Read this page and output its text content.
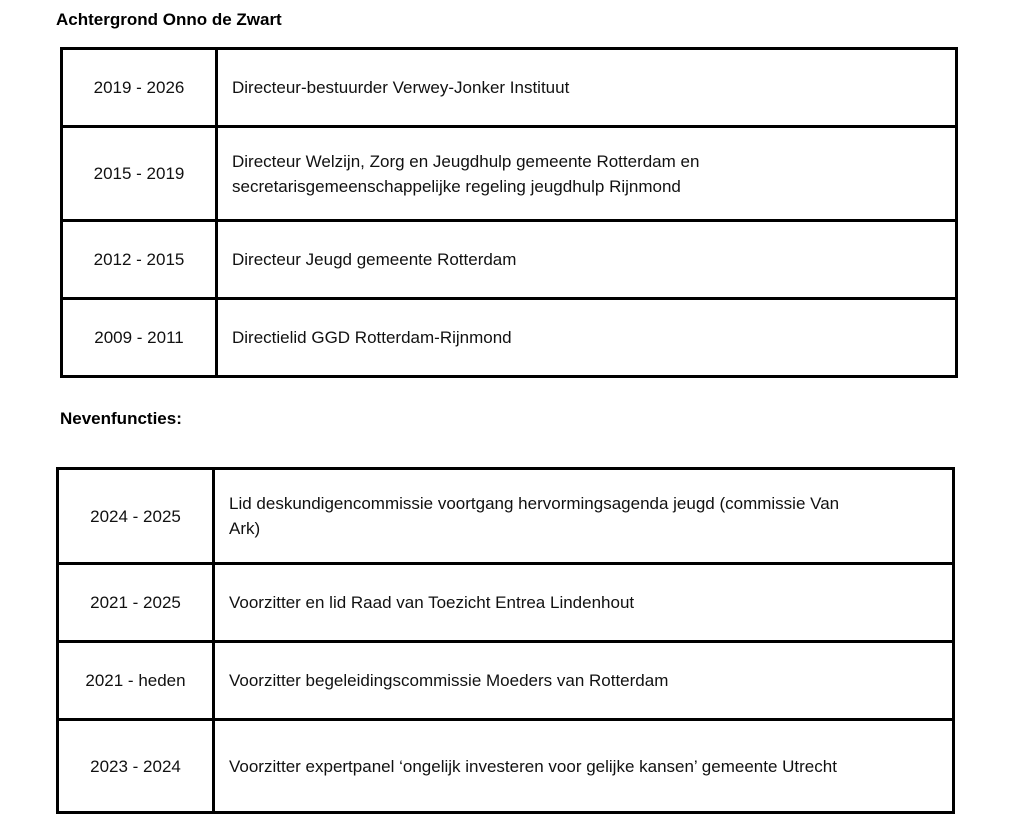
Achtergrond Onno de Zwart
2019 - 2026	Directeur-bestuurder Verwey-Jonker Instituut
2015 - 2019	Directeur Welzijn, Zorg en Jeugdhulp gemeente Rotterdam en secretarisgemeenschappelijke regeling jeugdhulp Rijnmond
2012 - 2015	Directeur Jeugd gemeente Rotterdam
2009 - 2011	Directielid GGD Rotterdam-Rijnmond
Nevenfuncties:
2024 - 2025	Lid deskundigencommissie voortgang hervormingsagenda jeugd (commissie Van Ark)
2021 - 2025	Voorzitter en lid Raad van Toezicht Entrea Lindenhout
2021 - heden	Voorzitter begeleidingscommissie Moeders van Rotterdam
2023 - 2024	Voorzitter expertpanel ‘ongelijk investeren voor gelijke kansen’ gemeente Utrecht
